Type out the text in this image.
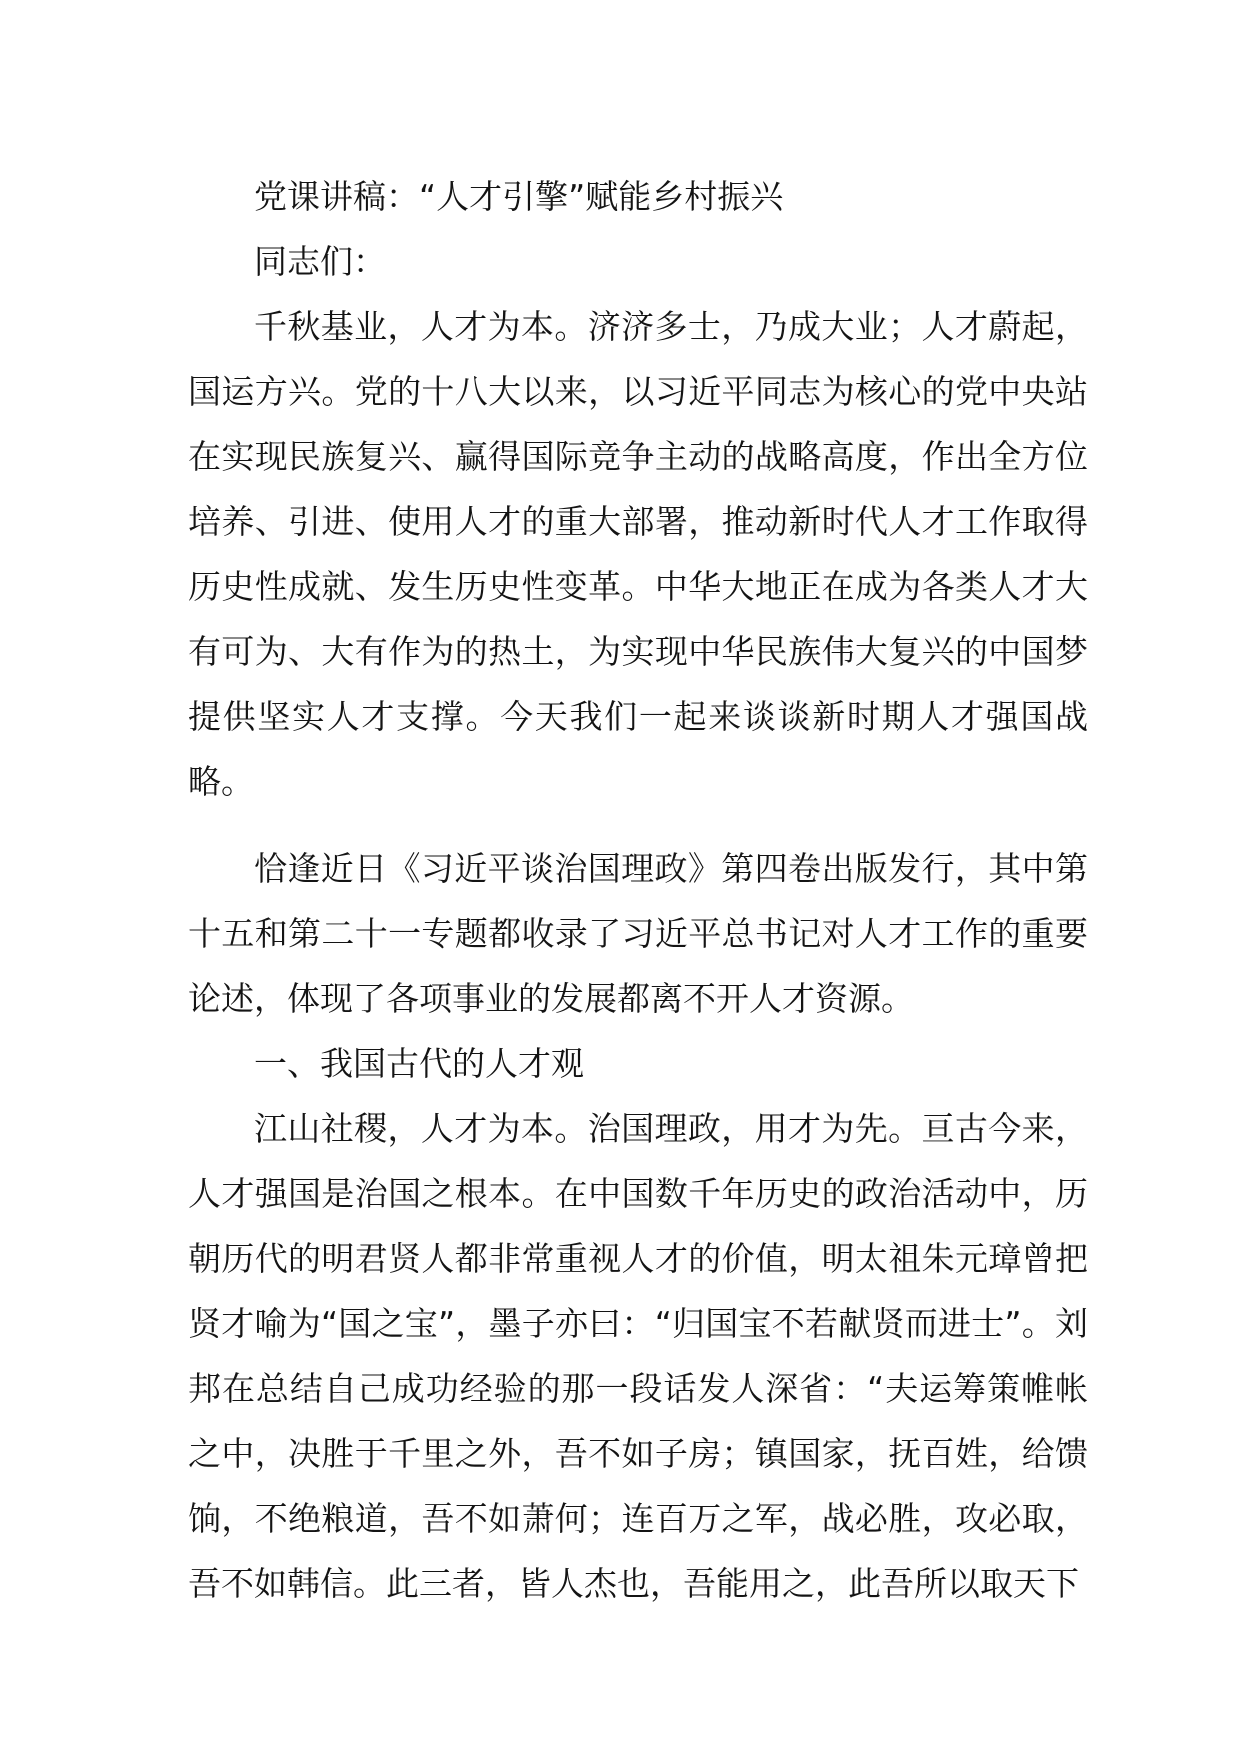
党课讲稿：“人才引擎”赋能乡村振兴

同志们：

千秋基业，人才为本。济济多士，乃成大业；人才蔚起，国运方兴。党的十八大以来，以习近平同志为核心的党中央站在实现民族复兴、赢得国际竞争主动的战略高度，作出全方位培养、引进、使用人才的重大部署，推动新时代人才工作取得历史性成就、发生历史性变革。中华大地正在成为各类人才大有可为、大有作为的热土，为实现中华民族伟大复兴的中国梦提供坚实人才支撑。今天我们一起来谈谈新时期人才强国战略。

恰逢近日《习近平谈治国理政》第四卷出版发行，其中第十五和第二十一专题都收录了习近平总书记对人才工作的重要论述，体现了各项事业的发展都离不开人才资源。

一、我国古代的人才观

江山社稷，人才为本。治国理政，用才为先。亘古今来，人才强国是治国之根本。在中国数千年历史的政治活动中，历朝历代的明君贤人都非常重视人才的价值，明太祖朱元璋曾把贤才喻为“国之宝”，墨子亦曰：“归国宝不若献贤而进士”。刘邦在总结自己成功经验的那一段话发人深省：“夫运筹策帷帐之中，决胜于千里之外，吾不如子房；镇国家，抚百姓，给馈饷，不绝粮道，吾不如萧何；连百万之军，战必胜，攻必取，吾不如韩信。此三者，皆人杰也，吾能用之，此吾所以取天下
